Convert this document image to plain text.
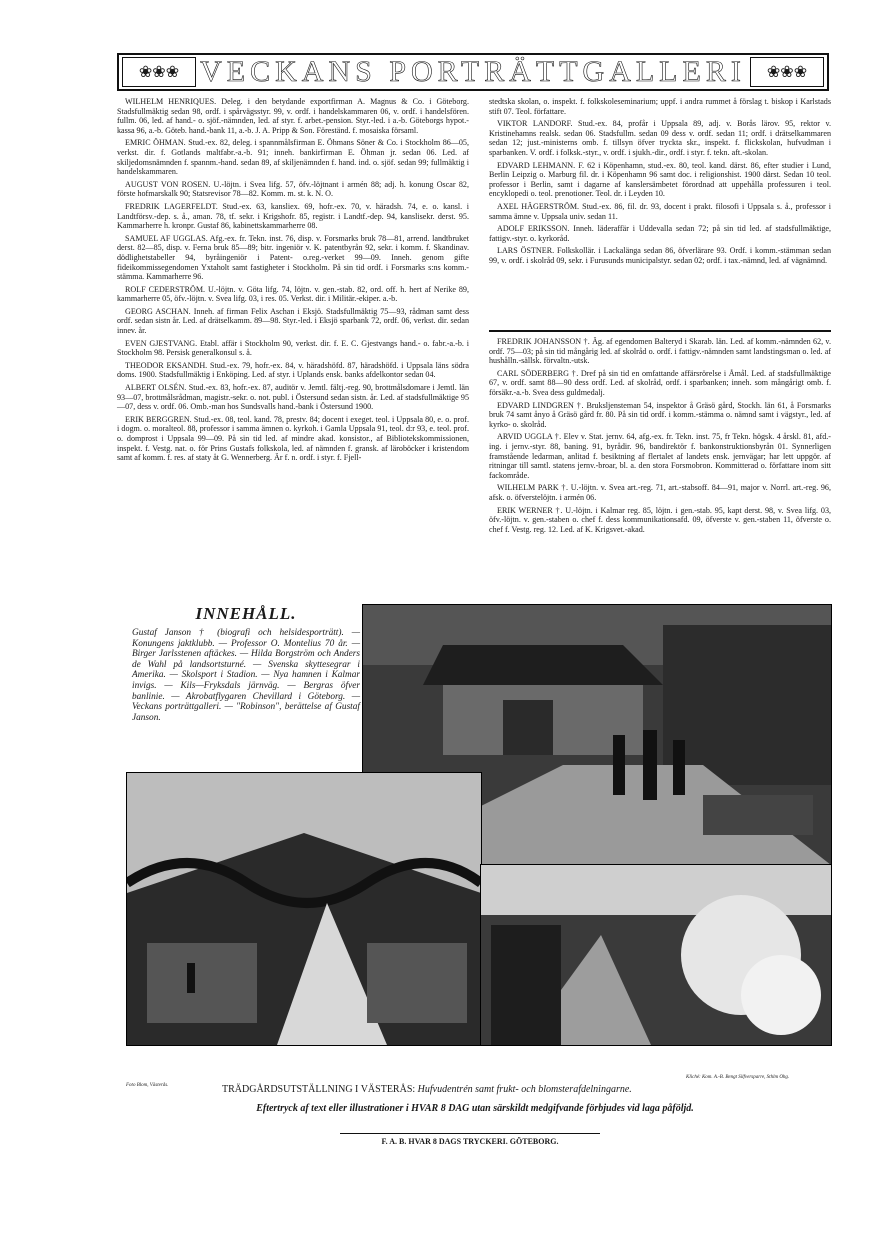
❀❀❀ VECKANS PORTRÄTTGALLERI	❀❀❀

WILHELM HENRIQUES. Deleg. i den betydande exportfirman A. Magnus & Co. i Göteborg. Stadsfullmäktig sedan 98, ordf. i spårvägsstyr. 99, v. ordf. i handelskammaren 06, v. ordf. i handelsfören. fullm. 06, led. af hand.- o. sjöf.-nämnden, led. af styr. f. arbet.-pension. Styr.-led. i a.-b. Göteborgs hypot.-kassa 96, a.-b. Göteb. hand.-bank 11, a.-b. J. A. Pripp & Son. Föreständ. f. mosaiska församl.

EMRIC ÖHMAN. Stud.-ex. 82, deleg. i spannmålsfirman E. Öhmans Söner & Co. i Stockholm 86—05, verkst. dir. f. Gotlands maltfabr.-a.-b. 91; inneh. bankirfirman E. Öhman jr. sedan 06. Led. af skiljedomsnämnden f. spannm.-hand. sedan 89, af skiljenämnden f. hand. ind. o. sjöf. sedan 99; fullmäktig i handelskammaren.

AUGUST VON ROSEN. U.-löjtn. i Svea lifg. 57, öfv.-löjtnant i armén 88; adj. h. konung Oscar 82, förste hofmarskalk 90; Statsrevisor 78—82. Komm. m. st. k. N. O.

FREDRIK LAGERFELDT. Stud.-ex. 63, kansliex. 69, hofr.-ex. 70, v. häradsh. 74, e. o. kansl. i Landtförsv.-dep. s. å., aman. 78, tf. sekr. i Krigshofr. 85, registr. i Landtf.-dep. 94, kanslisekr. derst. 95. Kammarherre h. kronpr. Gustaf 86, kabinettskammarherre 08.

SAMUEL AF UGGLAS. Afg.-ex. fr. Tekn. inst. 76, disp. v. Forsmarks bruk 78—81, arrend. landtbruket derst. 82—85, disp. v. Ferna bruk 85—89; bitr. ingeniör v. K. patentbyrån 92, sekr. i komm. f. Skandinav. dödlighetstabeller 94, byråingeniör i Patent- o.reg.-verket 99—09. Inneh. genom gifte fideikommissegendomen Yxtaholt samt fastigheter i Stockholm. På sin tid ordf. i Forsmarks s:ns komm.-stämma. Kammarherre 96.

ROLF CEDERSTRÖM. U.-löjtn. v. Göta lifg. 74, löjtn. v. gen.-stab. 82, ord. off. h. hert af Nerike 89, kammarherre 05, öfv.-löjtn. v. Svea lifg. 03, i res. 05. Verkst. dir. i Militär.-ekiper. a.-b.

GEORG ASCHAN. Inneh. af firman Felix Aschan i Eksjö. Stadsfullmäktig 75—93, rådman samt dess ordf. sedan sistn år. Led. af drätselkamm. 89—98. Styr.-led. i Eksjö sparbank 72, ordf. 06, verkst. dir. sedan innev. år.

EVEN GJESTVANG. Etabl. affär i Stockholm 90, verkst. dir. f. E. C. Gjestvangs hand.- o. fabr.-a.-b. i Stockholm 98. Persisk generalkonsul s. å.

THEODOR EKSANDH. Stud.-ex. 79, hofr.-ex. 84, v. häradshöfd. 87, häradshöfd. i Uppsala läns södra doms. 1900. Stadsfullmäktig i Enköping. Led. af styr. i Uplands ensk. banks afdelkontor sedan 04.

ALBERT OLSÉN. Stud.-ex. 83, hofr.-ex. 87, auditör v. Jemtl. fältj.-reg. 90, brottmålsdomare i Jemtl. län 93—07, brottmålsrådman, magistr.-sekr. o. not. publ. i Östersund sedan sistn. år. Led. af stadsfullmäktige 95—07, dess v. ordf. 06. Omb.-man hos Sundsvalls hand.-bank i Östersund 1900.

ERIK BERGGREN. Stud.-ex. 08, teol. kand. 78, prestv. 84; docent i exeget. teol. i Uppsala 80, e. o. prof. i dogm. o. moralteol. 88, professor i samma ämnen o. kyrkoh. i Gamla Uppsala 91, teol. d:r 93, e. teol. prof. o. domprost i Uppsala 99—09. På sin tid led. af mindre akad. konsistor., af Bibliotekskommissionen, inspekt. f. Vestg. nat. o. för Prins Gustafs folkskola, led. af nämnden f. gransk. af läroböcker i kristendom samt af komm. f. res. af staty åt G. Wennerberg. Är f. n. ordf. i styr. f. Fjell-

stedtska skolan, o. inspekt. f. folkskoleseminarium; uppf. i andra rummet å förslag t. biskop i Karlstads stift 07. Teol. författare.

VIKTOR LANDORF. Stud.-ex. 84, profår i Uppsala 89, adj. v. Borås lärov. 95, rektor v. Kristinehamns realsk. sedan 06. Stadsfullm. sedan 09 dess v. ordf. sedan 11; ordf. i drätselkammaren sedan 12; just.-ministerns omb. f. tillsyn öfver tryckta skr., inspekt. f. flickskolan, hufvudman i sparbanken. V. ordf. i folksk.-styr., v. ordf. i sjukh.-dir., ordf. i styr. f. tekn. aft.-skolan.

EDVARD LEHMANN. F. 62 i Köpenhamn, stud.-ex. 80, teol. kand. därst. 86, efter studier i Lund, Berlin Leipzig o. Marburg fil. dr. i Köpenhamn 96 samt doc. i religionshist. 1900 därst. Sedan 10 teol. professor i Berlin, samt i dagarne af kanslersämbetet förordnad att uppehålla professuren i teol. encyklopedi o. teol. prenotioner. Teol. dr. i Leyden 10.

AXEL HÄGERSTRÖM. Stud.-ex. 86, fil. dr. 93, docent i prakt. filosofi i Uppsala s. å., professor i samma ämne v. Uppsala univ. sedan 11.

ADOLF ERIKSSON. Inneh. läderaffär i Uddevalla sedan 72; på sin tid led. af stadsfullmäktige, fattigv.-styr. o. kyrkoråd.

LARS ÖSTNER. Folkskollär. i Lackalänga sedan 86, öfverlärare 93. Ordf. i komm.-stämman sedan 99, v. ordf. i skolråd 09, sekr. i Furusunds municipalstyr. sedan 02; ordf. i tax.-nämnd, led. af vägnämnd.

FREDRIK JOHANSSON †. Äg. af egendomen Balteryd i Skarab. län. Led. af komm.-nämnden 62, v. ordf. 75—03; på sin tid mångårig led. af skolråd o. ordf. i fattigv.-nämnden samt landstingsman o. led. af hushålln.-sällsk. förvaltn.-utsk.

CARL SÖDERBERG †. Dref på sin tid en omfattande affärsrörelse i Åmål. Led. af stadsfullmäktige 67, v. ordf. samt 88—90 dess ordf. Led. af skolråd, ordf. i sparbanken; inneh. som mångårigt omb. f. försäkr.-a.-b. Svea dess guldmedalj.

EDVARD LINDGREN †. Bruksljensteman 54, inspektor å Gräsö gård, Stockh. län 61, å Forsmarks bruk 74 samt ånyo å Gräsö gård fr. 80. På sin tid ordf. i komm.-stämma o. nämnd samt i vägstyr., led. af kyrko- o. skolråd.

ARVID UGGLA †. Elev v. Stat. jernv. 64, afg.-ex. fr. Tekn. inst. 75, fr Tekn. högsk. 4 årskl. 81, afd.-ing. i jernv.-styr. 88, baning. 91, byrådir. 96, bandirektör f. bankonstruktionsbyrån 01. Synnerligen framstående ledarman, anlitad f. besiktning af flertalet af landets ensk. jernvägar; har lett uppgör. af ritningar till samtl. statens jernv.-broar, bl. a. den stora Forsmobron. Kommitterad o. författare inom sitt fackområde.

WILHELM PARK †. U.-löjtn. v. Svea art.-reg. 71, art.-stabsoff. 84—91, major v. Norrl. art.-reg. 96, afsk. o. öfverstelöjtn. i armén 06.

ERIK WERNER †. U.-löjtn. i Kalmar reg. 85, löjtn. i gen.-stab. 95, kapt derst. 98, v. Svea lifg. 03, öfv.-löjtn. v. gen.-staben o. chef f. dess kommunikationsafd. 09, öfverste v. gen.-staben 11, öfverste o. chef f. Vestg. reg. 12. Led. af K. Krigsvet.-akad.

INNEHÅLL.
Gustaf Janson † (biografi och helsidesporträtt). — Konungens jaktklubb. — Professor O. Montelius 70 år. — Birger Jarlsstenen aftäckes. — Hilda Borgström och Anders de Wahl på landsortsturné. — Svenska skyttesegrar i Amerika. — Skolsport i Stadion. — Nya hamnen i Kalmar invigs. — Kils—Fryksdals järnväg. — Bergras öfver banlinie. — Akrobatflygaren Chevillard i Göteborg. — Veckans porträttgalleri. — "Robinson", berättelse af Gustaf Janson.
Foto Blom, Västerås.
Kliché: Kom. A.-B. Bengt Silfversparre, Sthlm Ohg.
TRÄDGÅRDSUTSTÄLLNING I VÄSTERÅS: Hufvudentrén samt frukt- och blomsterafdelningarne.
Eftertryck af text eller illustrationer i HVAR 8 DAG utan särskildt medgifvande förbjudes vid laga påföljd.
F. A. B. HVAR 8 DAGS TRYCKERI. GÖTEBORG.
